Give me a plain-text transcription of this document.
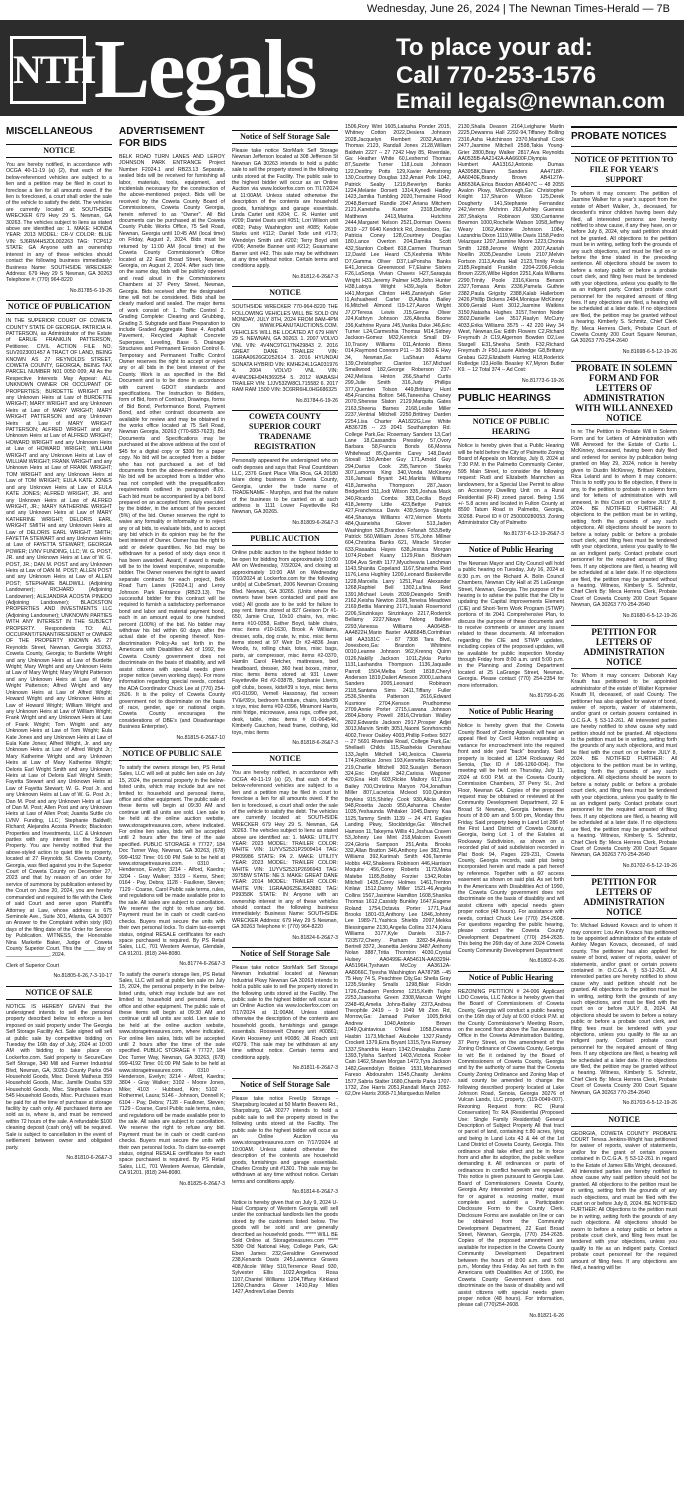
Wednesday, June 26, 2024 | The Newnan Times-Herald — 7B
NTH Legals	To place your ad:
Call 770-253-1576
Email legals@newnan.com
MISCELLANEOUS
NOTICE
You are hereby notified, in accordance with OCGA 40-11-19 (a) (2), that each of the below-referenced vehicles are subject to a lien and a petition may be filed in court to foreclose a lien for all amounts owed. If the lien is foreclosed, a court shall order the sale of the vehicle to satisfy the debt. The vehicles are currently located at: SOUTHSIDE WRECKER 679 Hwy 29 S. Newnan, GA 30263. The vehicles subject to liens as stated above are identified as: 1. MAKE: HONDA YEAR: 2013 MODEL: CR-V COLOR: BLUE VIN: 5J6RM4H52DL002263 TAG: TCP612 STATE: GA Anyone with an ownership interest in any of these vehicles should contact the following business immediately: Business Name: SOUTHSIDE WRECKER Address: 679 Hwy 29 S Newnan, GA 30263 Telephone #: (770) 964-8220
No.81785-6-19-26
NOTICE OF PUBLICATION
IN THE SUPERIOR COURT OF COWETA COUNTY STATE OF GEORGIA. PATRICIA H. PATTERSON, as Administrator of the Estate of EARLIE FRANKLIN PATTERSON, Petitioner. CIVIL ACTION FILE NO. SUV2023001457 A TRACT OF LAND, BEING KNOWN AS 27 REYNOLDS STREET, COWETA COUNTY, GEORGIA, BEING TAX PARCEL NUMBER N01 0050 009; All As the Respective Interests May Appear: ALL UNKNOWN OWNER OR OCCUPANT OF PROPERTIES; BURDETTE WRIGHT and any Unknown Heirs at Law of BURDETTE WRIGHT; MARY WRIGHT and any Unknown Heirs at Law of MARY WRIGHT; MARY WRIGHT PATTERSON and any Unknown Heirs at Law of MARY WRIGHT PATTERSON; ALFRED WRIGHT and any Unknown Heirs at Law of ALFRED WRIGHT; HOWARD WRIGHT and any Unknown Heirs at Law of HOWARD WRIGHT; WILLIAM WRIGHT and any Unknown Heirs at Law of WILLIAM WRIGHT; FRANK WRIGHT and any Unknown Heirs at Law of FRANK WRIGHT; TOM WRIGHT and any Unknown Heirs at Law of TOM WRIGHT; EULA KATE JONES and any Unknown Heirs at Law of EULA KATE JONES; ALFRED WRIGHT, JR. and any Unknown Heirs at Law of ALFRED WRIGHT, JR.; MARY KATHERINE WRIGHT and any Unknown Heirs at Law of MARY KATHERINE WRIGHT; DELORIS EARL WRIGHT SMITH and any Unknown Heirs at Law of DELORIS EARL WRIGHT SMITH; FAYETTA STEWART and any Unknown Heirs at Law of FAYETTA STEWART; GEORGIA POWER; LVNV FUNDING, LLC; W. G. POST, JR. and any Unknown Heirs at Law of W. G. POST, JR.; DAN M. POST and any Unknown Heirs at Law of DAN M. POST; ALLEN POST and any Unknown Heirs at Law of ALLEN POST; STEPHANIE BALDWILL (Adjoining Landowner); RICHARD (Adjoining Landowner); ALEJANDRA ACOSTA PINEDO (Adjoining Landowner); BLACKSTON PROPERTIES AND INVESTMENTS LLC (Adjoining Landowner); UNKNOWN PARTIES WITH ANY INTEREST IN THE SUBJECT PROPERTY. Respondents TO: ALL OCCUPANT/TENANT/RESIDENT or OWNER OF THE PROPERTY KNOWN AS 27 Reynolds Street, Newnan, Georgia 30263, Coweta County, Georgia; to Burdette Wright and any Unknown Heirs at Law of Burdette Wright; Mary Wright and any Unknown Heirs at Law of Mary Wright; Mary Wright Patterson and any Unknown Heirs at Law of Mary Wright Patterson; Alfred Wright and any Unknown Heirs at Law of Alfred Wright; Howard Wright and any Unknown Heirs at Law of Howard Wright; William Wright and any Unknown Heirs at Law of William Wright; Frank Wright and any Unknown Heirs at Law of Frank Wright; Tom Wright and any Unknown Heirs at Law of Tom Wright; Eula Kate Jones and any Unknown Heirs at Law of Eula Kate Jones; Alfred Wright, Jr. and any Unknown Heirs at Law of Alfred Wright Jr.; Mary Katherine Wright and any Unknown Heirs at Law of Mary Katherine Wright; Deloris Earl Wright Smith and any Unknown Heirs at Law of Deloris Earl Wright Smith; Fayetta Stewart and any Unknown Heirs at Law of Fayetta Stewart; W. G. Post Jr. and any Unknown Heirs at Law of W. G. Post Jr.; Dan M. Post and any Unknown Heirs at Law of Dan M. Post; Allen Post and any Unknown Heirs at Law of Allen Post; Juanita Suttle c/o LVNV Funding, LLC; Stephanie Baldwill; Richard; Alejandra Acosta Pinedo; Blackston Properties and Investments, LLC & Unknown parties with any interest in the Subject Property. You are hereby notified that the above-styled action to quiet title to property, located at 27 Reynolds St. Coweta County, Georgia, was filed against you in the Superior Court of Coweta County on December 27, 2023 and that by reason of an order for service of summons by publication entered by the Court on June 20, 2024, you are hereby commanded and required to file with the Clerk of said Court and serve upon Plaintiff's Attorney at Law, whose address is 675 Seminole Ave., Suite 301, Atlanta, GA 30307 an Answer to the Complaint within sixty (60) days of the filing date of the Order for Service by Publication. WITNESS, the Honorable Nina Markette Baker, Judge of Coweta County Superior Court. This the ____ day of _______________, 2024.
Clerk of Superior Court
No.81805-6-26,7-3-10-17
NOTICE OF SALE
NOTICE IS HEREBY GIVEN that the undersigned intends to sell the personal property described below to enforce a lien imposed on said property under The Georgia Self Storage Facility Act. Sale signed will sell at public sale by competitive bidding on Tuesday the 16th day of July, 2024 at 10:00 AM with bidding to take place on Lockerfox.com. Said property is SecureCare Self Storage, 340 Mill and Farmer Industrial Blvd, Newnan, GA, 30263 County Parks 054 Household Goods, Misc. Derek Matheus 359 Household Goods, Misc. Jamille Ossiba 539 Household Goods, Misc. Stephanie Calhoun 545 Household Goods, Misc. Purchases must be paid for at the time of purchase at storage facility by cash only. All purchased items are sold as is, where is, and must be removed within 72 hours of the sale. A refundable $100 cleaning deposit (cash only) will be required. Sale is subject to cancellation in the event of settlement between owner and obligated party.
No.81810-6-26&7-3
ADVERTISEMENT FOR BIDS
BELK ROAD TURN LANES AND LEROY JOHNSON PARK ENTRANCE Project Number F2024.1 and RB23.13 Separate, sealed bids will be received for furnishing all labor, materials, tools, equipment, and incidentals necessary for the construction of the above-mentioned project. Bids will be received by the Coweta County Board of Commissioners, Coweta County Georgia, herein referred to as "Owner". All Bid documents can be purchased at the Coweta County Public Works Office, 75 Sell Road, Newnan, Georgia until 10:45 AM (local time) on Friday, August 2, 2024. Bids must be returned by 11:00 AM (local time) at the Coweta County Commissioner's Office located at 22 East Broad Street, Newnan, Georgia, on August 2, 2024. After such time on the same day, bids will be publicly opened and read aloud in the Commissioners Chambers at 37 Perry Street, Newnan, Georgia. Bids received after the designated time will not be considered. Bids shall be clearly marked and sealed. The major items of work consist of: 1. Traffic Control 2. Grading Complete: Clearing and Grubbing, Grading 3. Subgrade and Base Preparation to include Graded Aggregate Base 4. Asphalt Pavement, Recycled Asphalt Concrete Superpave, Leveling, Base 5. Drainage Structures and Permanent Erosion Control 6. Temporary and Permanent Traffic Control Owner reserves the right to accept or reject any or all bids in the best interest of the County. Work is as specified in the Bid Document and is to be done in accordance with current GDOT standards and specifications. The Instruction to Bidders, form of Bid, form of Contract, Drawings, forms of Bid Bond, Performance Bond, Payment Bond, and other contract documents are available for review and may be obtained in the works office located at 75 Sell Road, Newnan Georgia, 30263 (770-683-7623). Bid Documents and Specifications may be purchased at the above address at the cost of $45 for a digital copy or $300 for a paper copy. No bid will be accepted from a bidder who has not purchased a set of bid documents from the above-mentioned office. No bid will be accepted from a bidder who has not complied with the prequalification requirements outlined in paragraph 8.01. Each bid must be accompanied by a bid bond prepared on an accepted form, duly executed by the bidder, in the amount of five percent (5%) of the bid. Owner reserves the right to waive any formality or informality or to reject any or all bids, to evaluate bids, and to accept any bid which in its opinion may be for the best interest of Owner. Owner has the right to add or delete quantities. No bid may be withdrawn for a period of sixty days once it has been awarded. Award, if award is made, will be to the lowest responsive, responsible bidder. The Owner reserves the right to award separate contracts for each project, Belk Road Turn Lanes (F2024.1) and Leroy Johnson Park Entrance (RB23.13). The successful bidder for this contract will be required to furnish a satisfactory performance bond and labor and material payment bond, each in an amount equal to one hundred percent (100%) of the bid. No bidder may withdraw his bid within 60 days after the actual date of the opening thereof. Non-discrimination Policy-As set forth in the Americans with Disabilities Act of 1992, the Coweta County government does not discriminate on the basis of disability, and will assist citizens with special needs given proper notice (seven working days). For more information regarding special needs, contact the ADA Coordinator Chuck Lee at (770) 254-2626. It is the policy of Coweta County government not to discriminate on the basis of race, gender, age or national origin. Coweta County encourages the considerations of DBE's (and Disadvantage Business Enterprise).
No.81815-6-26&7-10
NOTICE OF PUBLIC SALE
To satisfy the owners storage lien, PS Retail Sales, LLC will sell at public lien sale on July 15, 2024, the personal property in the below-listed units, which may include but are not limited to: household and personal items, office and other equipment. The public sale of these items will begin at 09:30 AM and continue until all units are sold. Lien sale to be held at the online auction website, www.storagetreasures.com, where indicated. For online lien sales, bids will be accepted until 2 hours after the time of the sale specified. PUBLIC STORAGE # 77727, 184 Doc Turner Way, Newnan, GA 30263, (678) 999-4192 Time: 01:00 PM Sale to be held at www.storagetreasures.com. 0310 - Henderson, Evelyn; 3214 - Alford, Kaedra; 3204 - Gray Walker; 3319 - Kerns, Sheri; 0164 - Pay, Debra; 1128 - Faulkner, Steven; 7129 - Coarse, Carol Public sale terms, rules, and regulations will be made available prior to the sale. All sales are subject to cancellation. We reserve the right to refuse any bid. Payment must be in cash or credit card-no checks. Buyers must secure the units with their own personal locks. To claim tax-exempt status, original RESALE certificates for each space purchased is required. By PS Retail Sales, LLC, 701 Western Avenue, Glendale, CA 91201. (818) 244-8080.
No.81774-6-26&7-3
To satisfy the owner's storage lien, PS Retail Sales, LLC will sell at public lien sale on July 15, 2024, the personal property in the below-listed units, which may include but are not limited to: household and personal items, office and other equipment. The public sale of these items will begin at 09:30 AM and continue until all units are sold. Lien sale to be held at the online auction website, www.storagetreasures.com, where indicated. For online lien sales, bids will be accepted until 2 hours after the time of the sale specified. PUBLIC STORAGE # 77727, 184 Doc Turner Way, Newnan, GA 30263, (678) 999-4192 Time: 01:00 PM Sale to be held at www.storagetreasures.com. 0310 - Henderson, Evelyn; 3214 - Alford, Kaedra; 3804 - Gray Walker; 3102 - Moore Jones, Mike; 4103 - Hubbard, Kim; 5102 - Rothermel, Laura; 5146 - Johnson, Donnell K; 6104 - Pay, Debra; 7128 - Faulkner, Steven; 7129 - Coarse, Carol Public sale terms, rules, and regulations will be made available prior to the sale. All sales are subject to cancellation. We reserve the right to refuse any bid. Payment must be in cash or credit card-no checks. Buyers must secure the units with their own personal locks. To claim tax-exempt status, original RESALE certificates for each space purchased is required. By PS Retail Sales, LLC, 701 Western Avenue, Glendale, CA 91201. (818) 244-8080.
No.81825-6-26&7-3
Notice of Self Storage Sale
Please take notice StorMark Self Storage Newnan Jefferson located at 308 Jefferson St Newnan GA 30263 intends to hold a public sale to sell the property stored in the following units stored at the Facility. The public sale to the highest bidder will occur as an Online Auction via www.lockerfox.com on 7/17/2024 at 11:00AM. Unless stated otherwise the description of the contents are household goods, furnishings and garage essentials. Linda Carter unit #204; C. R. Hunter unit #209; Daniel Davis unit #051; Lori Wilson unit #082; Patsy Washington unit #085; Kelsie Starks unit #112; Daniel Tode unit #173; Wendolyn Smith unit #202; Terry Boyd unit #206; Annette Banner unit #212; Guasmane Barner unit #42. This sale may be withdrawn at any time without notice. Certain terms and conditions apply.
No.81812-6-26&7-3
NOTICE
SOUTHSIDE WRECKER 770-964-8220 THE FOLLOWING VEHICLES WILL BE SOLD ON MONDAY, JULY 8TH, 2024 FROM 8AM-4PM ON WWW.PEANUTAUCTIONS.COM. VEHICLES WILL BE LOCATED AT 679 HWY 29 S. NEWNAN, GA 30263. 1. 2007 VOLVO VNL VIN: 4V4NC9TG17N429843 2. 2016 GREAT DANE TRAILER VIN: 1GRAA0626GD252614 3. 2016 HYUNDAI SONATA HYBRID VIN: KMHE24L1GA031976 4. 2004 VOLVO VNL VIN: 4V4NC9EH94N369254 5. 2012 WABASH TRAILER VIN: 1JJV532W8CL715582 6. 2017 RAM RAM 1500 VIN: 3C6RR6HL0HG686325
No.81784-6-19-26
COWETA COUNTY SUPERIOR COURT TRADENAME REGISTRATION
Personally appeared the undersigned who on oath deposes and says that: Final Countdown LLC, 2376 Grant Place Villa Rica, GA 20180 is/are doing business in Coweta County, Georgia, under the trade name of TRADENAME - Murphys, and that the nature of the business to be carried on at such address is 1111 Lower Fayetteville Rd Newnan, GA 30265.
No.81809-6-26&7-3
PUBLIC AUCTION
Online public auction to the highest bidder to be open for bidding from approximately 10:00 AM on Wednesday, 7/3/2024, and closing at approximately 10:00 AM on Wednesday 7/10/2024 at Lockerfox.com for the following unit(s) at CubeSmart, 2006 Newnan Crossing Blvd. Newnan, GA 30265. (Units where the owners have been contacted and paid are void.) All goods are to be sold for failure to pay rent. Items stored at 827 Greison Dr #1-650, Jamie Cruz, 10x10 chairs, tvs, misc items #10-0358, Esther Boyd, table chairs, misc items #10-1630, Brook A Williams, dresser, sofa, dog crate, tv, misc. misc items items stored at 97 Weir Dr #2-4836 Jean Woods, tv, rolling chair, totes, misc bags, parts, air compressor, misc items #2-0370, Hamlin Carol Fletcher, mattresses, bed headboard, dresser, 360 heat boxes, mirror, misc items items stored at 931 Lower Fayetteville Rd #2-0387B, Stephanie Livers, golf clubs, boxes, kids#39 s toys, misc items #01-01090, Vernell Hassonay, flat screen TV&#39;s, bedroom furniture, chairs, kids#39 s toys, misc items #02-0396, Miramont Harris, mini fridge, microwave, area rugs, coffee pot, desk, table, misc items # 01-06454K, Kimberly Cauchon, head frame, clothing, kid toys, misc items
No.81818-6-26&7-3
NOTICE
You are hereby notified, in accordance with OCGA 40-11-19 (a) (2), that each of the below-referenced vehicles are subject to a lien and a petition may be filed in court to foreclose a lien for all amounts owed. If the lien is foreclosed, a court shall order the sale of the vehicle to satisfy the debt. The vehicles are currently located at: SOUTHSIDE WRECKER 679 Hwy 29 S. Newnan, GA 30263. The vehicles subject to liens as stated above are identified as: 1. MAKE: UTILITY YEAR: 2023 MODEL: TRAILER COLOR: WHITE VIN: 1UYVS2531P2909414 TAG: PR09986 STATE: PA 2. MAKE: UTILITY YEAR: 2023 MODEL: TRAILER COLOR: WHITE VIN: 1UYVS2531P2696943 TAG: 3975BW STATE: NE 3. MAKE: GREAT DANE YEAR: 2014 MODEL: TRAILER COLOR: WHITE VIN: 1GRAA0625EJ643881 TAG: P99358K STATE: IN Anyone with an ownership interest in any of these vehicles should contact the following business immediately: Business Name: SOUTHSIDE WRECKER Address: 679 Hwy 29 S Newnan, GA 30263 Telephone #: (770) 964-8220
No.81824-6-26&7-3
Notice of Self Storage Sale
Please take notice StorMark Self Storage Newnan Industrial located at Newnan Industrial Pkwy Newnan GA 30263 intends to hold a public sale to sell the property stored in the following units stored at the Facility. The public sale to the highest bidder will occur as an Online Auction via www.lockerfox.com on 7/17/2024 at 11:00AM. Unless stated otherwise the description of the contents are household goods, furnishings and garage essentials. Roosevelt Chaney unit #00861; Kevin Hooseney unit #0086; Jill Roach unit #0279. This sale may be withdrawn at any time without notice. Certain terms and conditions apply.
No.81811-6-26&7-3
Notice of Self Storage Sale
Please take notice FreeUp Storage - Sharpsburg located at 50 Martin Beavers Rd., Sharpsburg, GA 30277 intends to hold a public sale to sell the property stored in the following units stored at the Facility. The public sale to the highest bidder will occur as an Online Auction via www.storagetreasures.com on 7/17/2024 at 10:00AM. Unless stated otherwise the description of the contents are household goods, furnishings and garage essentials. Charles Crosby unit #1301. This sale may be withdrawn at any time without notice. Certain terms and conditions apply.
No.81814-6-26&7-3
Notice is hereby given that on July 9, 2024 U-Haul Company of Western Georgia will sell under the contractual landlords lien the goods stored by the customers listed below. The goods will be sold and are generally described as household goods. ***** WILL BE Sold Online at Storagetreasures.com ***** 5390 Old National Hwy, College Park, GA: Eben James 232,Geraldine Greenwood 238,Kenards Davis 245,Lawrence Graves 408,Nicole Wiley 510,Terrence Read 930, Sylvester Ellis 1022,Angelica Rosa 1107,Chantel Williams 1204,Tiffany Kirkland 1260,Chandra Glover 1410,Ray Miles 1427,Andrew'Lelae Dennis
1506,Rory Wint 1605,Latasha Ponder 2015, Whitney Cotton 2022,Desiera Johnson 2028,Jacquelyn Rembert 2032,Autumn Thomas 2123, Randall Jones 2128,William Baldwin 2227 -- 27 7242 Hwy 85, Riverdale, Ga: Heather White 60,Leshernd Thomas 87,Suzette Turner 118,Louis Johnson 122,Destiny Potts 129,Xavier Armstrong 130,Courtney Douglas 132,Amari Polk 1042, Patrick Seaby 1219,Beverlyn Banks 1224,Melanie Dorsett 1314,Kynedi Hadley 1423,Jamika Tumbling 2020,Tremaine Flood 2048,Bernard Randle 2047,Ariana Mitchem 2121,Kaneisha Kurner 2318,Destiny Matthews 2413,Marina Hutchins 2444,Margaret Nelson 2521,Dorman Owens 2619 --27 6640 Kendrick Rd, Jonesboro, Ga: Patricia Coney 128,Courtney Douglas 180,Lance Overton 204,Damika Scott 432,Stanton Colbert 818,Carmen Thurman 12,David Lee Heard C5,Keshmia White D7,Gamma Oliver D37,LaPonsha Banks E41,Jonecia Greenwood F7,Elaine Sisters F26,LaSonja Vivian Chaves H27,Saraquia Wright H31,Jeremy Palmer H35,John Hunter H38,Latoya Wright H39,Jayla Bolton H41,Morgan Clinton H45,Zaniviyah Grier I1,Ashuaheed Carter I3,Alisha Bailey I6,Mitchell Almond I19-127,Aaron Wright J7,O'Teresa Lewis J15,Genna Oliver J24,Kathryn Johnson J26,Allesha Boone J36,Kathrine Ryans J45,Vanika Duke J46,Eric Turner L24,Carmeshia Thomas M14,Sidney Jackson-Gomez M32,Kenrick Small D9-10,Tracey Williams 011,Antonio Binns 014,Raymond Connors P11 -- 36 3903 E Hwy 34, Newnan,Ga: LaShaun Adams 139,Christopher Clanton 167,Michael Smallwood 182,George Roberson 237-242,Melissa Hinton 266,Sharhd Curtis 299,Julie Smith 316,Judy Phillips 377,Quenten Tolson 449,Brittany Hunt 454,Francina Bolton 546,Taneesha Chaney 2070,Sherese Slaton 2129,Marquita Gates 2163,Sheena Barnes 2168,Leslie Miller 2237,Ventrial Mitchell 2250,Brittney Darden 2254,Lisa Charter AA1822G,Lee White AB3672B -- 23 2041 Southampton Rd. College Park,Ga: Rosemary Sanders 13,Carl Lane 18,Cassandra Pressley 57,Ovory Barbara 58,Francis Bonds 66,Monna Whitehead 85,Quentin Carey 148,David Stovall 150,Amber Guy 171,Arnold Guy 294,Darius Cook 295,Tamron Staeks 307,Lamorris King 340,Vonda McKinney 316,Jamaal Bryant 341,Markita Williams 418,Jamesha Thompson 287,Jason Bridgeford 311,Jodi Wilson 335,Joshua Mack 340,Ricardo Combs 383,Cecilia Boyd 418,Jeremy Little 423,Bettye Patrick 427,Franchesca Davis 439,Sonya Straight 464,Shanaya Williams 472,Vernon Morris 484,Quaneisha Glover 513,Jaden Washington 526,Brandon Fofanah 553,Betty Patrick 560,William Jones 576,John Millner 604,Christina Banks 621, Miracle Strozier 633,Rasaaba Hayes 638,Jessica Morgan 1074,Robert Kuany 1129,Rian Bickham 1094,Ava Smith 1177,Myucheavia Lanchman 1143,Shanita Copeland 1167,Shanetha Reid 1176,Lena Hughley 1200,Leonard Baskerville 1228,Marcella Larry 1251,Paul Alexander 1268,Raphiel Bell 1302,La'tina Reid 1391,Michael Lewis 2039,Deangelo Smith 2162,Keisha Newton 2168,Teneisa Meadows 2169,Bettia Manning 2171,Isaiah Rosemond 2206,Sinzinkayo Sinzinkayo 2217,Roderick Bellamy 2227,Nkaye Ndong Baldee 2293,Vanessa Williams AA0645B-AA4822H,Mario Baxter AA8684B,Corinthian Hill AA3181C -- 87 7308 Tara Blvd, Jonesboro,Ga: Brandon Whitmire 0010,Leanne Johnson 962,Krennq Quinn 0126,Nakilly Jackson 1011,Zykia Parks 1131,Lashandra Thompson 1136,Jaqualle Parrott 1504,Melba Scott 1818,Cheryl Anderson 1819,Daliert Ameson 2000,Lashara Sanders 2005,Leonard Robinson 2118,Santana Sims 2411,Tiffany Fuller 2536,Shenita Patterson 2616,Edward Kusmore 2704,Kenson Prudhomme 2709,Annie Porter 2715,Lawana Johnson 2804,Ebony Powell 2816,Christian Walley 2822,Edwards Jackson 2917,Prosper Adjei 3013,Marvin Smith 3051,Naomi Sonrhoncmb 4002,Trevor Oakley 4003,Phillip Forbes 5027 -- 27 5691 Riverdale Road, College Park,Ga: Shellaeli Childs 115,Rashekia Crenshaw 133,Jaylin Mitchell 140,Jesicca Claveria 174,Rodrikus Jones 193,Kennetta Robertson 219,Charlie Mitchell 302,Susalyn Benson 324,Eric Onyilabi 342,Carissa Wagoner 420,Ena Holt 603,Rickie Mallory 617,Lisa Bailey 700,Christina Maryon 704,Jonathan Miller 807,Lacretcia Mcleod 910,Quinton Boykins 915,Shirley Cook 930,Alicia Allen 948,Rosetta Jacob 950,Ashanna Chester 1035,Yeshaunda Whitaker 1045,Danny Kaa 1125,Tammy Smith 1139 -- 24 471 Eagles Landing Pkwy, Stockbridge,Ga: Winchell Hamson 11,Takeyma Willis 41,Joshua Craven 53,Johnny Lee Mint 218,Malcom Everett 224,Gloria Sampson 251,Anita Brooks 332,Allan Bratton 346,Anthony Lee 382,Irma Williams 392,Karimah Smith 436,Tammie Hobbs 442,Shakeera Robinson 446,Harrison Moquire 456,Corey Roberts 1173,Maka Matebe 1185,Bobby Forzier 1342,Robin Mitchell 1435,Corey Holmes 1461,Trenton Kinlaw 1512,Danny Miller 1521-46,Angela Collins 1567,Jasmine Hamilton 1608,Shanika Thomas 1612,Cassidy Bunkley 1647,Eugene Roland 1754,Octavia Porter 1771,Paul Brooks 1801-03,Anthony Lee 1846,Johnny Lee 1989-71,Yashica Shields 2097,Mekka Blessingame 2130,Angelia Collins 3174,Kiara Williams 3177,Kyle Daniels 318-7-72/3572,Cherry Parham 3282-84,Alesia Bertrell 3372, Jeanettia Jenkins 3487,Anthony Nolan 3887,Tritia Thornton 4030,Crystal Hulsey AA0499E-AA5461N-AA9329H-AA5196H,Tyshawn McCoy AA3612A-AA8066C,Tiyesha Washington AA7879B --45 75 Hwy 74 S, Peachtree City,Ga: Sheila Gray 1235,Stanley Smalls 1298,Blair Ficklin 1726,Chaduen Perdomo 1215,Keith Taylor 2253,Juanesha Green 2308,Marcus Wright 2348-49,Amelia Johns-Bailey 2373,Andrea Theophile 2419 -- 9 1049 Mt Zion Rd, Morrow,Ga: Jamaad Parker 1005,Brikii Andrew 1040,Antonio Brown 1049,Quintavious O'Neal 1058,Deanna Hasbin 1173,Michael Akuboke 1327,Randy Crockett 1379,Ezra Bryant 1315,Tyra Ramsey 1337,Shandria Hearn 1342,Omalajiba Zamir 1393,Tylisha Sanford 1403,Victoria Rooker Cain 1462,Shawn Morgan 1472,Tyra Jackson 1482,Gwendolyn Bolden 1531,Mohammed Fareso Abdourahm 1545,Chasity Jenkins 1577,Sabria Stalter 1680,Chantis Parks 1707-1732, Zoe Harris 2051,Randall March 2052-62,Dre Harris 2068-71,Marquedus Mellon
2130,Shaila Deason 2164,Leighane Martin 2225,Dewanna Hall 2292-94,Tiffaney Bolling 2316,Asha Hutchinson 2370,Marshall Cook 2477,Jasmine Mitchell 2598,Takia Young-Grier 2800,Bray Walker 2817,Ava Reynolds AA0535B-AA2142A-AA6600F,Olympia Humbert AA1316J,Antonio Dumas AA3958K,Diann Sanders AA4718P- AA6040E,Brandy Brown AB4127A-AB6536A,Erica Braxton AB6407C -- 48 2055 Avalon Pkwy, McDonough,Ga: Christopher Knight 117,Sharon Wilson 125,Derek Dougherty 141,Stephanie Fernandez 242,Vernon Mchrinn 263,Ashley Gueness 287,Shakyra Robinson 930,Carrianne Bowmon 1000,Rochelle Watson 1058,Jeffrey Weary 1062,Antoine Johnson 1084, Lazandria Dixon 1119,Willie Davis 1158,Pedro Velazquez 1207,Jasmine Moore 1223,Chonia Smith 1288,Jerome Wright 2007,Azariah Noellin 2035,Deandre Lewis 2107,Melvin Fortson 2113,Andra Hall 2123,Trinity Poole 2185,Reginald Franklin 2204-2206,Felicia Brown 2226,Wilbe Higdon 2251,Kala Williams 2290,Trinity Poole 2316,Kierra Benson 2327,Tomasa Amis 2336,Pamela Guthrie 2382,Paula Grigsby 2388,Kalab Hallerbom 2426,Phillip Dickens 2484,Monique McKinney 3009,Gerald Hunt 3012,Jasmine Watkins 3150,Natasha Hughes 3157,Trenton Noder 3502,Danielle Lee 3517,Raslyn McCurry 4033,Erika Williams 3575 -- 42 220 Hwy 34 West, Newnan,Ga: Edith Flowers C2,Richard Freymuth Jr C19,Algernon Bowden D2,Lee Stargell E31,Shesha Smith F32,Richard Freymuth Jr F50,Laurie Aldredge G8,Brittany Grabau G22,Elizabeth Harring H18,Roderick Rutledge I23,Hollis Beasley K7,Myron Butler K9. -- 12 Total 374 -- Ad Cost:
No.81773-6-19-26
PUBLIC HEARINGS
NOTICE OF PUBLIC HEARING
Notice is hereby given that a Public Hearing will be held before the City of Palmetto Zoning Board of Appeals on Monday, July 8, 2024 at 7:30 P.M. in the Palmetto Community Center, 595 Main Street, to consider the following request: Rudi and Elizabeth Mannchen as landowners, for a Special Use Permit to allow an Accessory Dwelling Unit on a Rural Residential (R-R) zoned parcel. Being 1.56 +/- 5.8 acres and located in Fulton County at 8590 Tatum Road in Palmetto, Georgia, 30268. Parcel ID # 07 250000280053. Zoning Administrator City of Palmetto
No.81737-6-12-19-26&7-3
Notice of Public Hearing
The Newnan Mayor and City Council will hold a public hearing on Tuesday, July 16, 2024 at 6:30 p.m. on the Richard A. Bolin Council Chambers, Newnan City Hall at 25 LaGrange Street, Newnan, Georgia. The purpose of the hearing is to advise the public that the City is updating the Capital Improvements Element (CIE) and Short-Term Work Program (STWP) portions of its 2041 Comprehensive Plan, to discuss the purpose of these documents and to receive comments or answer any issues related to these documents. All information regarding the CIE and STWP updates, including copies of the proposed updates, will be available for public inspection Monday through Friday from 8:00 a.m. until 5:00 p.m. in the Planning and Zoning Department located at 25 LaGrange Street, Newnan, Georgia. Please contact (770) 254-2354 for more information.
No.81799-6-26
Notice of Public Hearing
Notice is hereby given that the Coweta County Board of Zoning Appeals will hear an appeal filed by Cecil Hotton requesting a variance for encroachment into the required front and side yard "back" boundary. Said property is located at 1204 Rockaway Rd Senoia, (Tax ID # 186-1260-004). The meeting will be held on Thursday, July 11, 2024 at 6:00 P.M. at the Coweta County Commission Chambers, 37 Perry St., 2nd Floor, Newnan GA. Copies of the proposed request may be obtained or reviewed at the Community Development Department, 22 E Broad St Newnan, Georgia between the hours of 8:00 am and 5:00 pm, Monday thru Friday. Said property being in Land Lot 286 of the First Land District of Coweta County, Georgia, being Lot 1 of the Estates at Rockaway Subdivision, as shown on a recorded plat of said subdivision recorded in Plat Book 94, Pages 229-231, Coweta County, Georgia records, said plat being incorporated herein and made a part hereof by reference. Together with a 60' access easement as shown on said plat. As set forth in the Americans with Disabilities Act of 1990, the Coweta County government does not discriminate on the basis of disability and will assist citizens with special needs given proper notice (48 hours). For assistance with needs, contact Chuck Lee (770) 254-2608. For questions regarding the public hearing, please contact the Coweta County Development Department (770) 254-2635. This being the 26th day of June 2024 Coweta County Community Development Department
No.81802-6-26
Notice of Public Hearing
REZONING PETITION # 24-006 Applicant LDO Coweta, LLC Notice is hereby given that the Board of Commissioners of Coweta County, Georgia will conduct a public hearing on the 16th day of July at 6:00 o'clock P.M. at the County Commissioner's Meeting Room, on the second floor above the Tax Assessors Office in the Coweta Administration Building, 37 Perry Street, on the amendment of the Zoning Ordinance of Coweta County, Georgia to wit: Be it ordained by the Board of Commissioners of Coweta County, Georgia and by the authority of same that the Coweta County Zoning Ordinance and Zoning Map of said county be amended to change the following described property located at Lake Johnson Road, Senoia, Georgia 30276 of Vulcan Lands, LLC property. (119-0049-007). Rezoning Request from: RC (Rural Conservation) To: RA (Residential (Proposed Use: Single Family Residential) General Description of Subject Property All that tract or parcel of land, containing ±.80 acres, lying and being in Land Lots 43 & 44 of the 1st Land District of Coweta County, Georgia. This ordinance shall take effect and be in force from and after its adoption, the public welfare demanding it. All ordinances or parts of ordinances in conflict herewith are repealed. This notice is given pursuant to Georgia Law. Board of Commissioners Coweta County, Georgia Any interested person may appear for or against a rezoning matter, must complete and submit a Participation Disclosure Form to the County Clerk. Disclosure Forms are available on line or can be obtained from the Community Development Department, 22 East Broad Street, Newnan, Georgia, (770) 254-2635. Copies of the proposed amendment are available for inspection in the Coweta County Community Development Department between the hours of 8:00 a.m. and 5:00 p.m., Monday thru Friday. As set forth in the Americans with Disabilities Act of 1990, the Coweta County Government does not discriminate on the basis of disability and will assist citizens with special needs given proper notice (48 hours). For information, please call (770)254-2608.
No.81821-6-26
PROBATE NOTICES
NOTICE OF PETITION TO FILE FOR YEAR'S SUPPORT
To whom it may concern: The petition of Jasmine Walker for a year's support from the estate of Albert Walker, Jr., deceased, for decedent's minor children having been duly filed, all interested persons are hereby notified to show cause, if any they have, on or before July 8, 2024, why said petition should not be granted. All objections to the petition must be in writing, setting forth the grounds of any such objections, and must be filed on or before the time stated in the preceding sentence. All objections should be sworn to before a notary public or before a probate court clerk, and filing fees must be tendered with your objections, unless you qualify to file as an indigent party. Contact probate court personnel for the required amount of filing fees. If any objections are filed, a hearing will be scheduled at a later date. If no objections are filed, the petition may be granted without a hearing. Kimberly S. Schmitz, Chief Clerk By: Meca Herrera Clerk, Probate Court of Coweta County 200 Court Square Newnan, GA 30263 770-254-2640
No.81698-6-5-12-19-26
PROBATE IN SOLEMN FORM AND FOR LETTERS OF ADMINISTRATION WITH WILL ANNEXED NOTICE
In re: The Petition to Probate Will in Solemn Form and for Letters of Administration with Will Annexed for the Estate of Curtis L. McKinney, deceased, having been duly filed and ordered for service by publication being granted on May 29, 2024, notice is hereby given to Dustin McKinney, Brittani Robbins, Rica Leland and to whom it may concern: This is to notify you to file objection, if there is any, to the petition to probate in solemn form and for letters of administration with will annexed, in this Court on or before JULY 8, 2024. BE NOTIFIED FURTHER: All objections to the petition must be in writing, setting forth the grounds of any such objections. All objections should be sworn to before a notary public or before a probate court clerk, and filing fees must be tendered with your objections, unless you qualify to file as an indigent party. Contact probate court personnel for the required amount of filing fees. If any objections are filed, a hearing will be scheduled at a later date. If no objections are filed, the petition may be granted without a hearing. Witness, Kimberly S. Schmitz, Chief Clerk By: Meca Herrera Clerk, Probate Court of Coweta County 200 Court Square Newnan, GA 30263 770-254-2640
No.81680-6-5-12-19-26
PETITION FOR LETTERS OF ADMINISTRATION NOTICE
To: Whom it may concern: Deborah Kay Krauth has petitioned to be appointed administrator of the estate of Walter Kopmeier Krauth III, deceased, of said County. The petitioner has also applied for waiver of bond, waiver of reports, waiver of statements, and/or grant or certain powers contained in O.C.G.A. § 53-12-261. All interested parties are hereby notified to show cause why said petition should not be granted. All objections to the petition must be in writing, setting forth the grounds of any such objections, and must be filed with the court on or before JULY 8, 2024. BE NOTIFIED FURTHER: All objections to the petition must be in writing, setting forth the grounds of any such objections. All objections should be sworn to before a notary public or before a probate court clerk, and filing fees must be tendered with your objections, unless you qualify to file as an indigent party. Contact probate court personnel for the required amount of filing fees. If any objections are filed, a hearing will be scheduled at a later date. If no objections are filed, the petition may be granted without a hearing. Witness, Kimberly S. Schmitz, Chief Clerk By: Meca Herrera Clerk, Probate Court of Coweta County 200 Court Square Newnan, GA 30263 770-254-2640
No.81702-6-5-12-19-26
PETITION FOR LETTERS OF ADMINISTRATION NOTICE
To: Michael Edward Kovacs and to whom it may concern: Lou Ann Kovacs has petitioned to be appointed administrator of the estate of Ashley Megan Kovacs, deceased, of said county. The petitioner has also applied for waiver of bond, waiver of reports, waiver of statements, and/or grant or certain powers contained in O.C.G.A. § 53-12-261. All interested parties are hereby notified to show cause why said petition should not be granted. All objections to the petition must be in writing, setting forth the grounds of any such objections, and must be filed with the court on or before JULY 8, 2024. All objections should be sworn to before a notary public or before a probate court clerk, and filing fees must be tendered with your objections, unless you qualify to file as an indigent party. Contact probate court personnel for the required amount of filing fees. If any objections are filed, a hearing will be scheduled at a later date. If no objections are filed, the petition may be granted without a hearing. Witness, Kimberly S. Schmitz, Chief Clerk By: Meca Herrera Clerk, Probate Court of Coweta County 200 Court Square Newnan, GA 30263 770-254-2640
No.81703-6-5-12-19-26
NOTICE
GEORGIA, COWETA COUNTY PROBATE COURT Teresa Jenkins-Wright has petitioned for waiver of reports, waiver of statements, and/or for the grant of certain powers contained in O.C.G.A. § 53-12-261 in regard to the Estate of James Ellis Wright, deceased. All interested parties are hereby notified to show cause why said petition should not be granted. All objections to the petition must be in writing, setting forth the grounds of any such objections, and must be filed with the court on or before July 8, 2024. BE NOTIFIED FURTHER: All Objections to the petition must be in writing, setting forth the grounds of any such objections. All objections should be sworn to before a notary public or before a probate court clerk, and filing fees must be tendered with your objections, unless you qualify to file as an indigent party. Contact probate court personnel for the required amount of filing fees. If any objections are filed, a hearing will be
